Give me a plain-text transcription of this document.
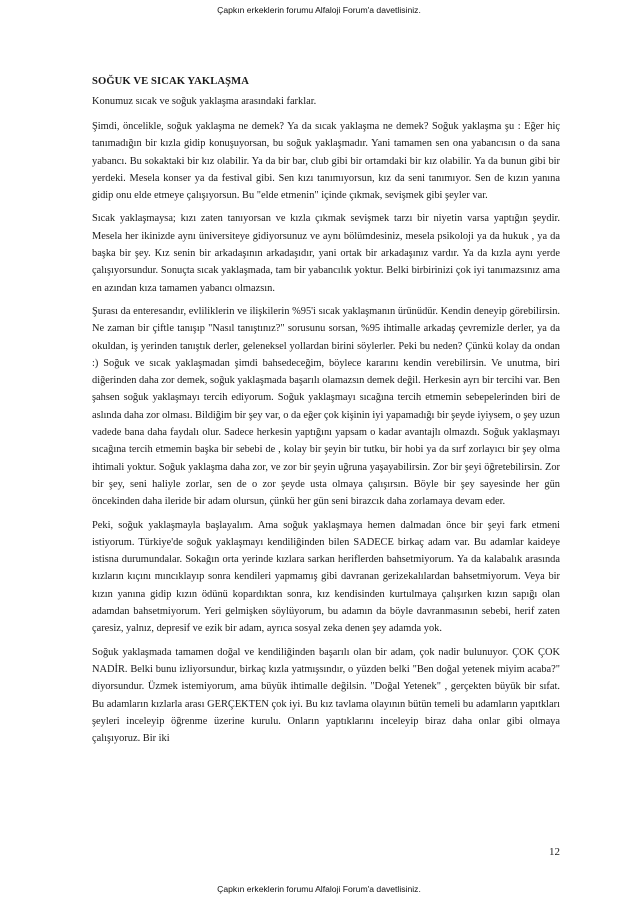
Çapkın erkeklerin forumu Alfaloji Forum'a davetlisiniz.
SOĞUK VE SICAK YAKLAŞMA
Konumuz sıcak ve soğuk yaklaşma arasındaki farklar.

Şimdi, öncelikle, soğuk yaklaşma ne demek? Ya da sıcak yaklaşma ne demek? Soğuk yaklaşma şu : Eğer hiç tanımadığın bir kızla gidip konuşuyorsan, bu soğuk yaklaşmadır. Yani tamamen sen ona yabancısın o da sana yabancı. Bu sokaktaki bir kız olabilir. Ya da bir bar, club gibi bir ortamdaki bir kız olabilir. Ya da bunun gibi bir yerdeki. Mesela konser ya da festival gibi. Sen kızı tanımıyorsun, kız da seni tanımıyor. Sen de kızın yanına gidip onu elde etmeye çalışıyorsun. Bu "elde etmenin" içinde çıkmak, sevişmek gibi şeyler var.

Sıcak yaklaşmaysa; kızı zaten tanıyorsan ve kızla çıkmak sevişmek tarzı bir niyetin varsa yaptığın şeydir. Mesela her ikinizde aynı üniversiteye gidiyorsunuz ve aynı bölümdesiniz, mesela psikoloji ya da hukuk , ya da başka bir şey. Kız senin bir arkadaşının arkadaşıdır, yani ortak bir arkadaşınız vardır. Ya da kızla aynı yerde çalışıyorsundur. Sonuçta sıcak yaklaşmada, tam bir yabancılık yoktur. Belki birbirinizi çok iyi tanımazsınız ama en azından kıza tamamen yabancı olmazsın.

Şurası da enteresandır, evliliklerin ve ilişkilerin %95'i sıcak yaklaşmanın ürünüdür. Kendin deneyip görebilirsin. Ne zaman bir çiftle tanışıp "Nasıl tanıştınız?" sorusunu sorsan, %95 ihtimalle arkadaş çevremizle derler, ya da okuldan, iş yerinden tanıştık derler, geleneksel yollardan birini söylerler. Peki bu neden? Çünkü kolay da ondan :) Soğuk ve sıcak yaklaşmadan şimdi bahsedeceğim, böylece kararını kendin verebilirsin. Ve unutma, biri diğerinden daha zor demek, soğuk yaklaşmada başarılı olamazsın demek değil. Herkesin ayrı bir tercihi var. Ben şahsen soğuk yaklaşmayı tercih ediyorum. Soğuk yaklaşmayı sıcağına tercih etmemin sebepelerinden biri de aslında daha zor olması. Bildiğim bir şey var, o da eğer çok kişinin iyi yapamadığı bir şeyde iyiysem, o şey uzun vadede bana daha faydalı olur. Sadece herkesin yaptığını yapsam o kadar avantajlı olmazdı. Soğuk yaklaşmayı sıcağına tercih etmemin başka bir sebebi de , kolay bir şeyin bir tutku, bir hobi ya da sırf zorlayıcı bir şey olma ihtimali yoktur. Soğuk yaklaşma daha zor, ve zor bir şeyin uğruna yaşayabilirsin. Zor bir şeyi öğretebilirsin. Zor bir şey, seni haliyle zorlar, sen de o zor şeyde usta olmaya çalışırsın. Böyle bir şey sayesinde her gün öncekinden daha ileride bir adam olursun, çünkü her gün seni birazcık daha zorlamaya devam eder.

Peki, soğuk yaklaşmayla başlayalım. Ama soğuk yaklaşmaya hemen dalmadan önce bir şeyi fark etmeni istiyorum. Türkiye'de soğuk yaklaşmayı kendiliğinden bilen SADECE birkaç adam var. Bu adamlar kaideye istisna durumundalar. Sokağın orta yerinde kızlara sarkan heriflerden bahsetmiyorum. Ya da kalabalık arasında kızların kıçını mıncıklayıp sonra kendileri yapmamış gibi davranan gerizekalılardan bahsetmiyorum. Veya bir kızın yanına gidip kızın ödünü kopardıktan sonra, kız kendisinden kurtulmaya çalışırken kızın sapığı olan adamdan bahsetmiyorum. Yeri gelmişken söylüyorum, bu adamın da böyle davranmasının sebebi, herif zaten çaresiz, yalnız, depresif ve ezik bir adam, ayrıca sosyal zeka denen şey adamda yok.

Soğuk yaklaşmada tamamen doğal ve kendiliğinden başarılı olan bir adam, çok nadir bulunuyor. ÇOK ÇOK NADİR. Belki bunu izliyorsundur, birkaç kızla yatmışsındır, o yüzden belki "Ben doğal yetenek miyim acaba?" diyorsundur. Üzmek istemiyorum, ama büyük ihtimalle değilsin. "Doğal Yetenek" , gerçekten büyük bir sıfat. Bu adamların kızlarla arası GERÇEKTEN çok iyi. Bu kız tavlama olayının bütün temeli bu adamların yapıtkları şeyleri inceleyip öğrenme üzerine kurulu. Onların yaptıklarını inceleyip biraz daha onlar gibi olmaya çalışıyoruz. Bir iki

12
Çapkın erkeklerin forumu Alfaloji Forum'a davetlisiniz.
